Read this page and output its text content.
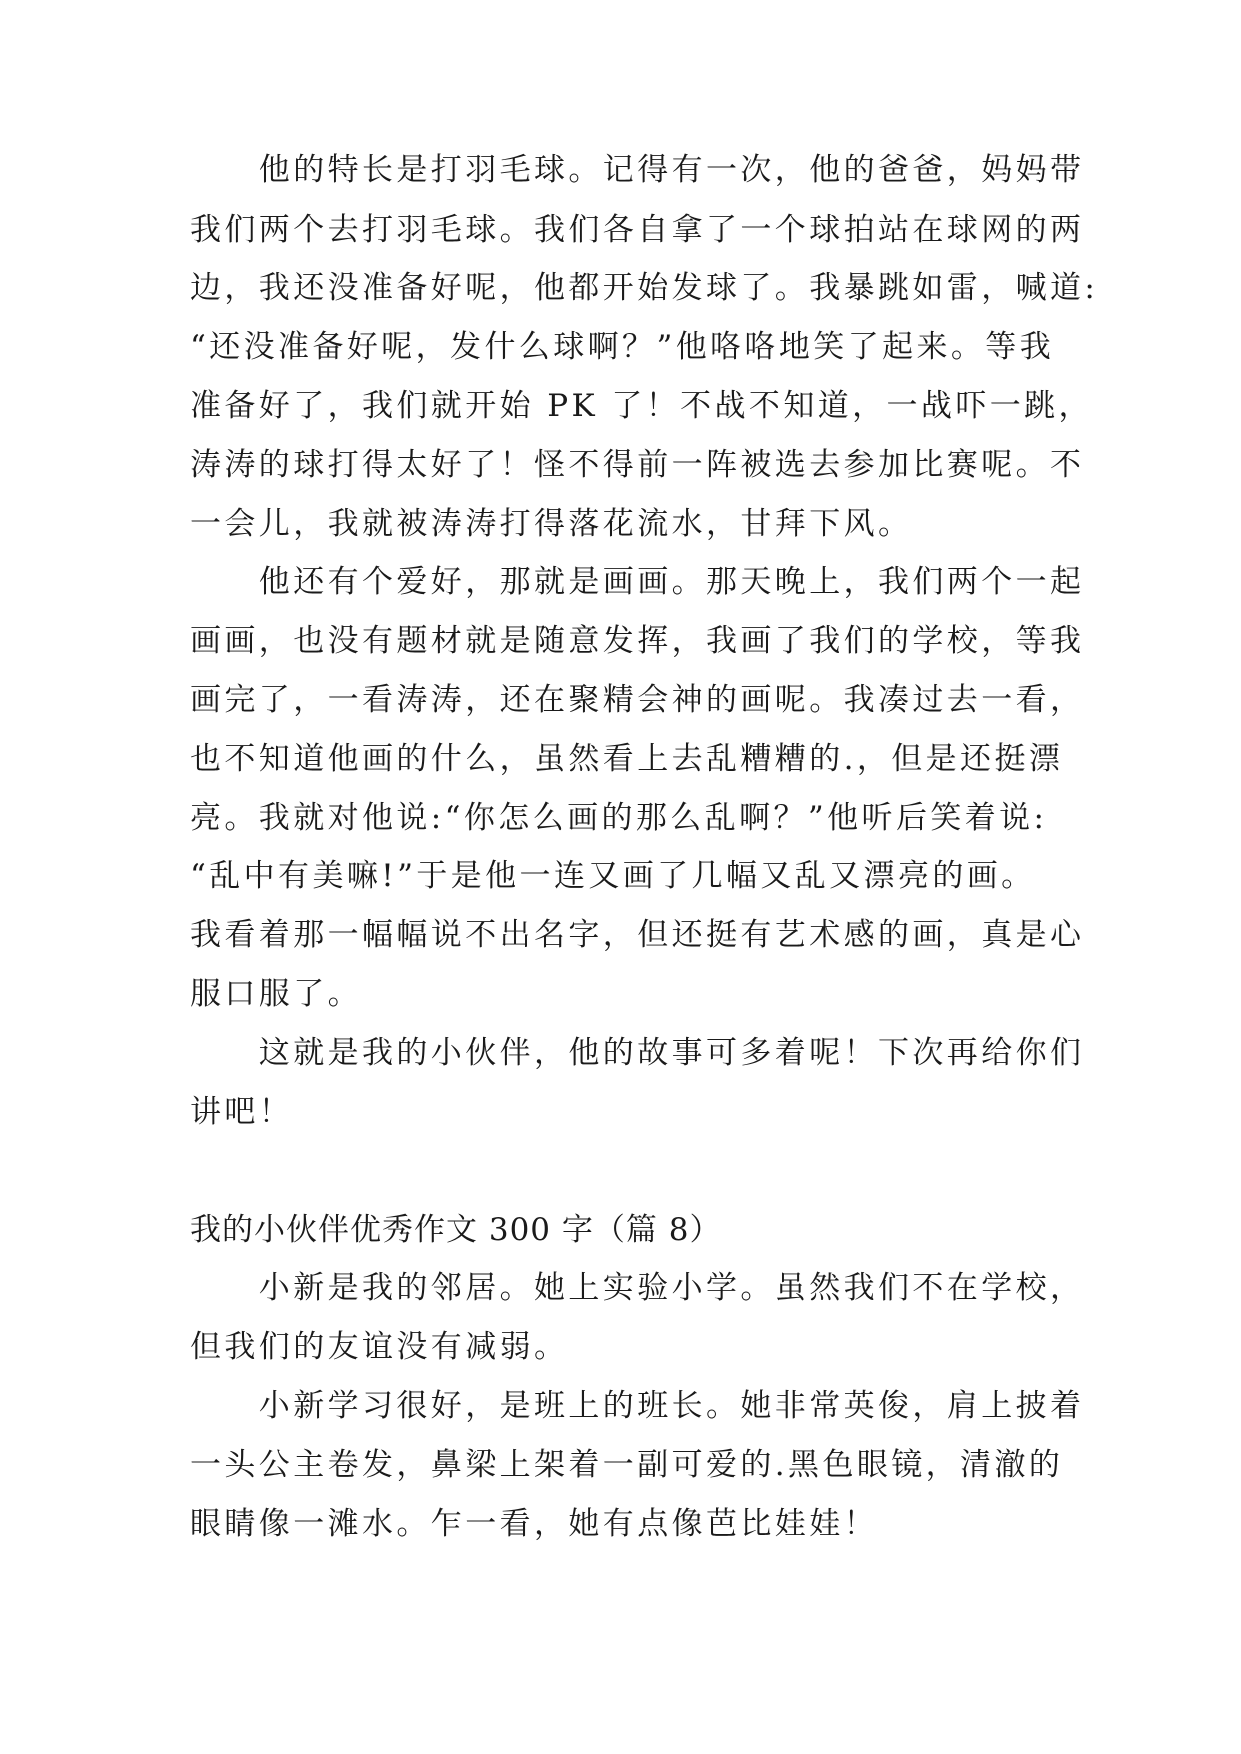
　　他的特长是打羽毛球。记得有一次，他的爸爸，妈妈带
我们两个去打羽毛球。我们各自拿了一个球拍站在球网的两
边，我还没准备好呢，他都开始发球了。我暴跳如雷，喊道:
“还没准备好呢，发什么球啊？”他咯咯地笑了起来。等我
准备好了，我们就开始 PK 了！不战不知道，一战吓一跳，
涛涛的球打得太好了！怪不得前一阵被选去参加比赛呢。不
一会儿，我就被涛涛打得落花流水，甘拜下风。
　　他还有个爱好，那就是画画。那天晚上，我们两个一起
画画，也没有题材就是随意发挥，我画了我们的学校，等我
画完了，一看涛涛，还在聚精会神的画呢。我凑过去一看，
也不知道他画的什么，虽然看上去乱糟糟的.，但是还挺漂
亮。我就对他说:“你怎么画的那么乱啊？”他听后笑着说:
“乱中有美嘛!”于是他一连又画了几幅又乱又漂亮的画。
我看着那一幅幅说不出名字，但还挺有艺术感的画，真是心
服口服了。
　　这就是我的小伙伴，他的故事可多着呢！下次再给你们
讲吧！
我的小伙伴优秀作文 300 字（篇 8）
　　小新是我的邻居。她上实验小学。虽然我们不在学校，
但我们的友谊没有减弱。
　　小新学习很好，是班上的班长。她非常英俊，肩上披着
一头公主卷发，鼻梁上架着一副可爱的.黑色眼镜，清澈的
眼睛像一滩水。乍一看，她有点像芭比娃娃！
